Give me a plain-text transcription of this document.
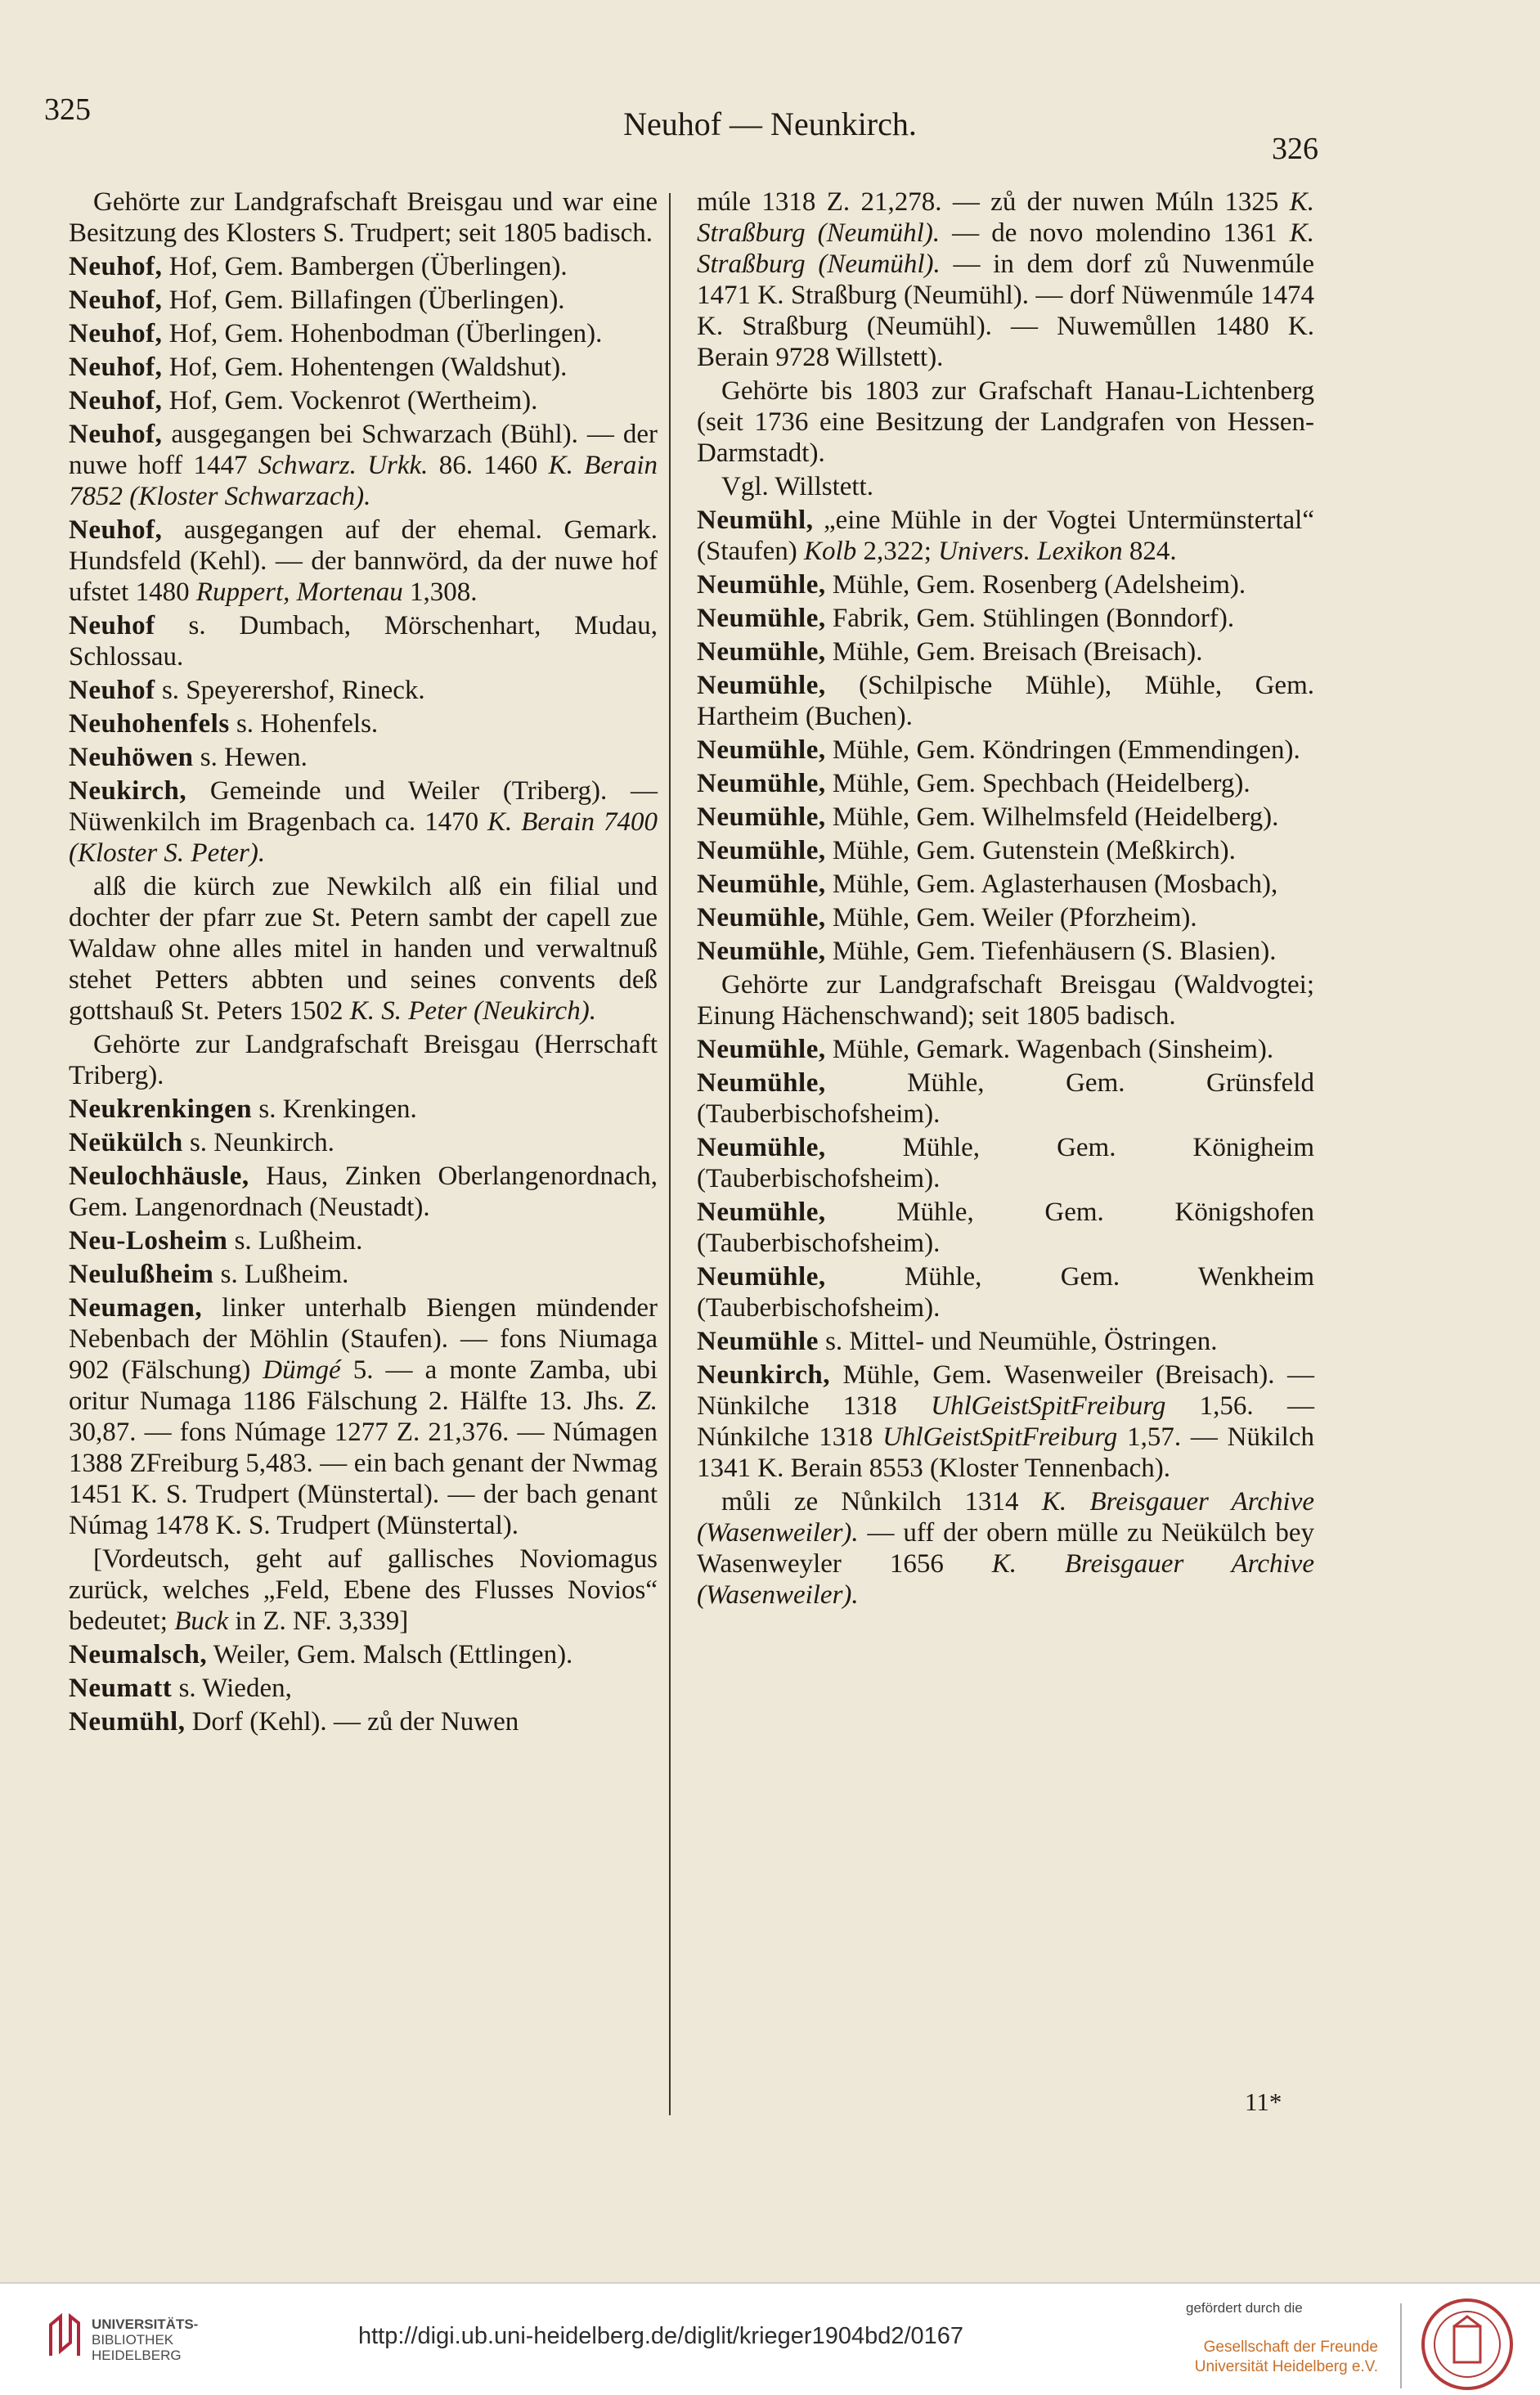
325	Neuhof — Neunkirch.
326

Gehörte zur Landgrafschaft Breisgau und war eine Besitzung des Klosters S. Trudpert; seit 1805 badisch.

Neuhof, Hof, Gem. Bambergen (Überlingen).

Neuhof, Hof, Gem. Billafingen (Überlingen).

Neuhof, Hof, Gem. Hohenbodman (Überlingen).

Neuhof, Hof, Gem. Hohentengen (Waldshut).

Neuhof, Hof, Gem. Vockenrot (Wertheim).

Neuhof, ausgegangen bei Schwarzach (Bühl). — der nuwe hoff 1447 Schwarz. Urkk. 86. 1460 K. Berain 7852 (Kloster Schwarzach).

Neuhof, ausgegangen auf der ehemal. Gemark. Hundsfeld (Kehl). — der bannwörd, da der nuwe hof ufstet 1480 Ruppert, Mortenau 1,308.

Neuhof s. Dumbach, Mörschenhart, Mudau, Schlossau.

Neuhof s. Speyerershof, Rineck.

Neuhohenfels s. Hohenfels.

Neuhöwen s. Hewen.

Neukirch, Gemeinde und Weiler (Triberg). — Nüwenkilch im Bragenbach ca. 1470 K. Berain 7400 (Kloster S. Peter).

alß die kürch zue Newkilch alß ein filial und dochter der pfarr zue St. Petern sambt der capell zue Waldaw ohne alles mitel in handen und verwaltnuß stehet Petters abbten und seines convents deß gottshauß St. Peters 1502 K. S. Peter (Neukirch).

Gehörte zur Landgrafschaft Breisgau (Herrschaft Triberg).

Neukrenkingen s. Krenkingen.

Neükülch s. Neunkirch.

Neulochhäusle, Haus, Zinken Oberlangenordnach, Gem. Langenordnach (Neustadt).

Neu-Losheim s. Lußheim.

Neulußheim s. Lußheim.

Neumagen, linker unterhalb Biengen mündender Nebenbach der Möhlin (Staufen). — fons Niumaga 902 (Fälschung) Dümgé 5. — a monte Zamba, ubi oritur Numaga 1186 Fälschung 2. Hälfte 13. Jhs. Z. 30,87. — fons Númage 1277 Z. 21,376. — Númagen 1388 ZFreiburg 5,483. — ein bach genant der Nwmag 1451 K. S. Trudpert (Münstertal). — der bach genant Númag 1478 K. S. Trudpert (Münstertal).

[Vordeutsch, geht auf gallisches Noviomagus zurück, welches „Feld, Ebene des Flusses Novios“ bedeutet; Buck in Z. NF. 3,339]

Neumalsch, Weiler, Gem. Malsch (Ettlingen).

Neumatt s. Wieden,

Neumühl, Dorf (Kehl). — zů der Nuwen

múle 1318 Z. 21,278. — zů der nuwen Múln 1325 K. Straßburg (Neumühl). — de novo molendino 1361 K. Straßburg (Neumühl). — in dem dorf zů Nuwenmúle 1471 K. Straßburg (Neumühl). — dorf Nüwenmúle 1474 K. Straßburg (Neumühl). — Nuwemůllen 1480 K. Berain 9728 Willstett).

Gehörte bis 1803 zur Grafschaft Hanau-Lichtenberg (seit 1736 eine Besitzung der Landgrafen von Hessen-Darmstadt).

Vgl. Willstett.

Neumühl, „eine Mühle in der Vogtei Untermünstertal“ (Staufen) Kolb 2,322; Univers. Lexikon 824.

Neumühle, Mühle, Gem. Rosenberg (Adelsheim).

Neumühle, Fabrik, Gem. Stühlingen (Bonndorf).

Neumühle, Mühle, Gem. Breisach (Breisach).

Neumühle, (Schilpische Mühle), Mühle, Gem. Hartheim (Buchen).

Neumühle, Mühle, Gem. Köndringen (Emmendingen).

Neumühle, Mühle, Gem. Spechbach (Heidelberg).

Neumühle, Mühle, Gem. Wilhelmsfeld (Heidelberg).

Neumühle, Mühle, Gem. Gutenstein (Meßkirch).

Neumühle, Mühle, Gem. Aglasterhausen (Mosbach),

Neumühle, Mühle, Gem. Weiler (Pforzheim).

Neumühle, Mühle, Gem. Tiefenhäusern (S. Blasien).

Gehörte zur Landgrafschaft Breisgau (Waldvogtei; Einung Hächenschwand); seit 1805 badisch.

Neumühle, Mühle, Gemark. Wagenbach (Sinsheim).

Neumühle, Mühle, Gem. Grünsfeld (Tauberbischofsheim).

Neumühle, Mühle, Gem. Königheim (Tauberbischofsheim).

Neumühle, Mühle, Gem. Königshofen (Tauberbischofsheim).

Neumühle, Mühle, Gem. Wenkheim (Tauberbischofsheim).

Neumühle s. Mittel- und Neumühle, Östringen.

Neunkirch, Mühle, Gem. Wasenweiler (Breisach). — Nünkilche 1318 UhlGeistSpitFreiburg 1,56. — Núnkilche 1318 UhlGeistSpitFreiburg 1,57. — Nükilch 1341 K. Berain 8553 (Kloster Tennenbach).

můli ze Nůnkilch 1314 K. Breisgauer Archive (Wasenweiler). — uff der obern mülle zu Neükülch bey Wasenweyler 1656 K. Breisgauer Archive (Wasenweiler).

11*
UNIVERSITÄTS-
BIBLIOTHEK
HEIDELBERG
http://digi.ub.uni-heidelberg.de/diglit/krieger1904bd2/0167
gefördert durch die
Gesellschaft der Freunde
Universität Heidelberg e.V.
